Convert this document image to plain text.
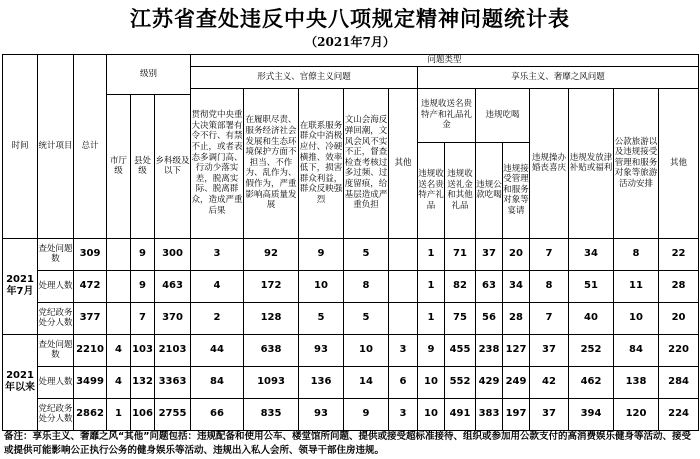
江苏省查处违反中央八项规定精神问题统计表
（2021年7月）
时间	统计项目	总计	级别			问题类型												
						形式主义、官僚主义问题					享乐主义、奢靡之风问题							
						贯彻党中央重大决策部署有令不行、有禁不止，或者表态多调门高、行动少落实差，脱离实际、脱离群众，造成严重后果	在履职尽责、服务经济社会发展和生态环境保护方面不担当、不作为、乱作为、假作为，严重影响高质量发展	在联系服务群众中消极应付、冷硬横推、效率低下，损害群众利益，群众反映强烈	文山会海反弹回潮，文风会风不实不正，督查检查考核过多过频、过度留痕，给基层造成严重负担	其他	违规收送名贵特产和礼品礼金		违规吃喝		违规操办婚丧喜庆	违规发放津补贴或福利	公款旅游以及违规接受管理和服务对象等旅游活动安排	其他
			市厅级	县处级	乡科级及以下													
											违规收送名贵特产礼品	违规收送礼金和其他礼品	违规公款吃喝	违规接受管理和服务对象等宴请				
2021年7月	查处问题数	309		9	300	3	92	9	5		1	71	37	20	7	34	8	22
	处理人数	472		9	463	4	172	10	8		1	82	63	34	8	51	11	28
	党纪政务处分人数	377		7	370	2	128	5	5		1	75	56	28	7	40	10	20
2021年以来	查处问题数	2210	4	103	2103	44	638	93	10	3	9	455	238	127	37	252	84	220
	处理人数	3499	4	132	3363	84	1093	136	14	6	10	552	429	249	42	462	138	284
	党纪政务处分人数	2862	1	106	2755	66	835	93	9	3	10	491	383	197	37	394	120	224
备注：享乐主义、奢靡之风“其他”问题包括：违规配备和使用公车、楼堂馆所问题、提供或接受超标准接待、组织或参加用公款支付的高消费娱乐健身等活动、接受或提供可能影响公正执行公务的健身娱乐等活动、违规出入私人会所、领导干部住房违规。
